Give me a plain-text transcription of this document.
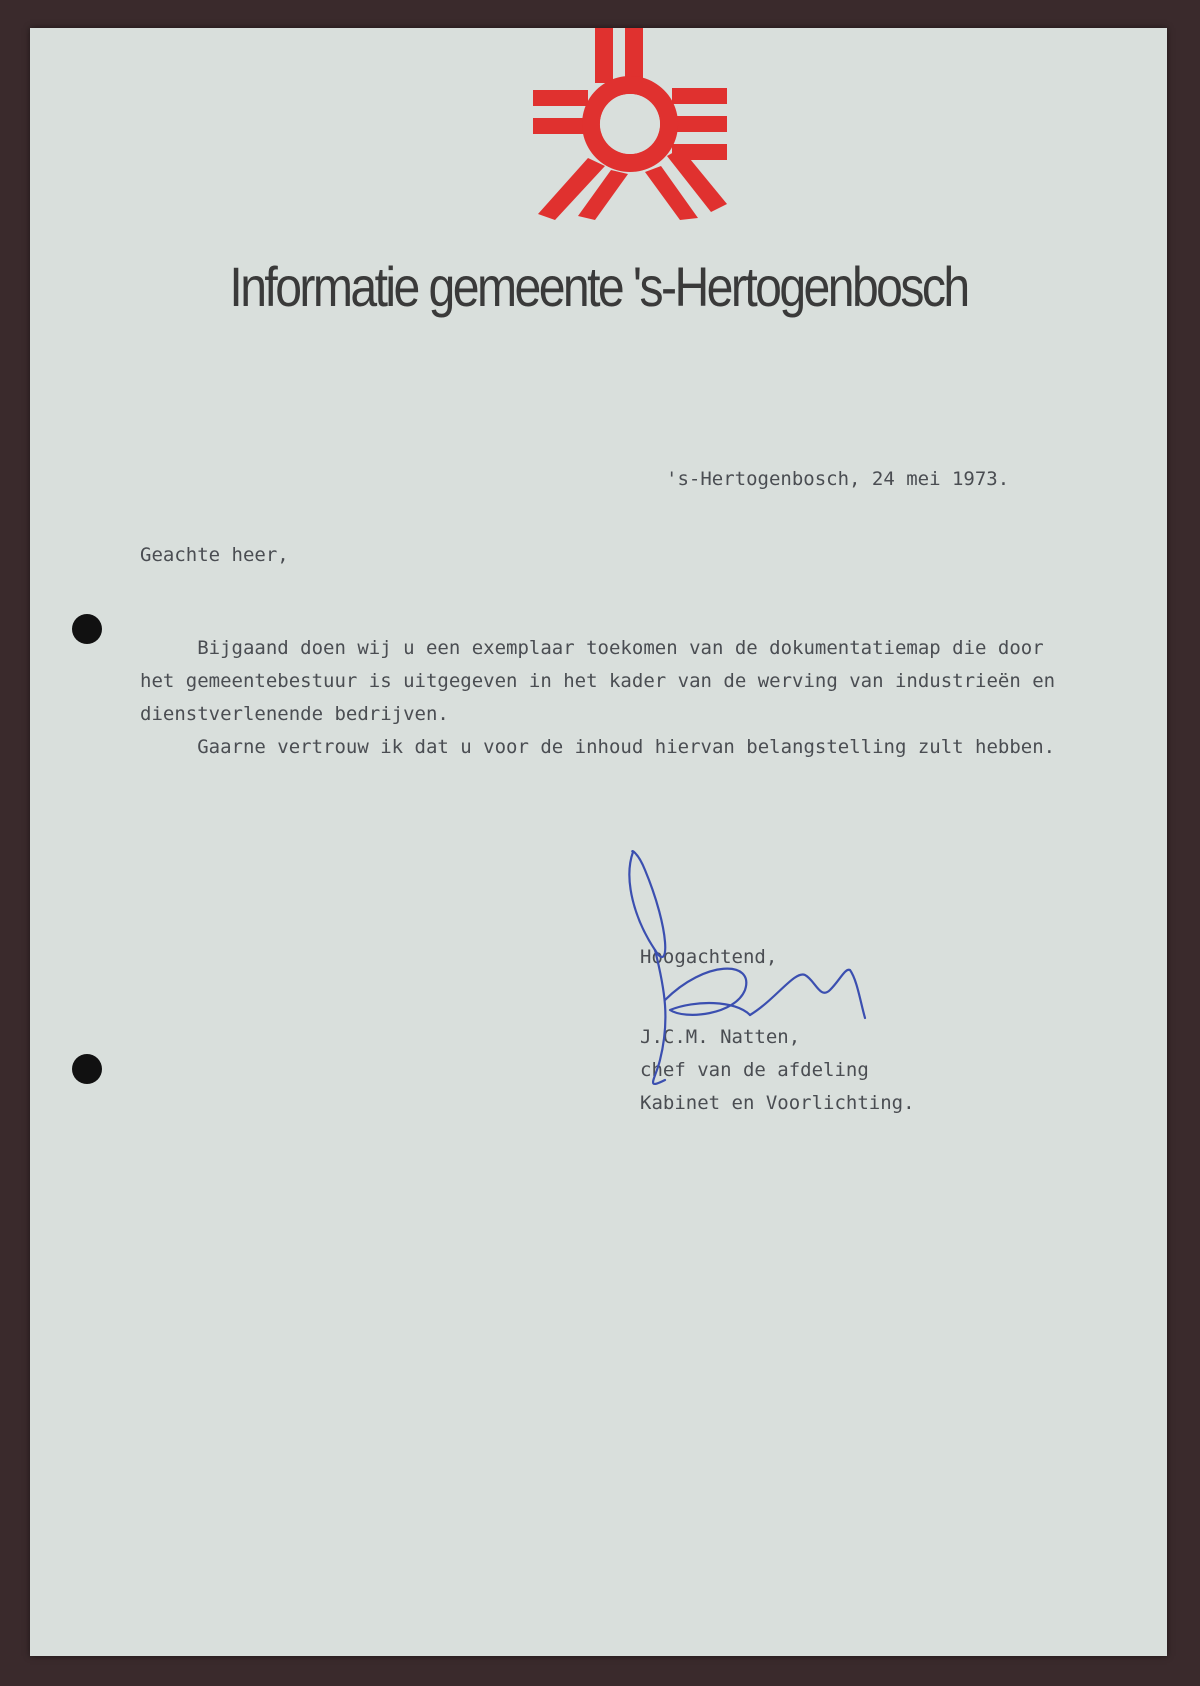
Informatie gemeente 's-Hertogenbosch
's-Hertogenbosch, 24 mei 1973.
Geachte heer,
Bijgaand doen wij u een exemplaar toekomen van de dokumentatiemap die door
het gemeentebestuur is uitgegeven in het kader van de werving van industrieën en
dienstverlenende bedrijven.
Gaarne vertrouw ik dat u voor de inhoud hiervan belangstelling zult hebben.
Hoogachtend,
J.C.M. Natten,
chef van de afdeling
Kabinet en Voorlichting.
